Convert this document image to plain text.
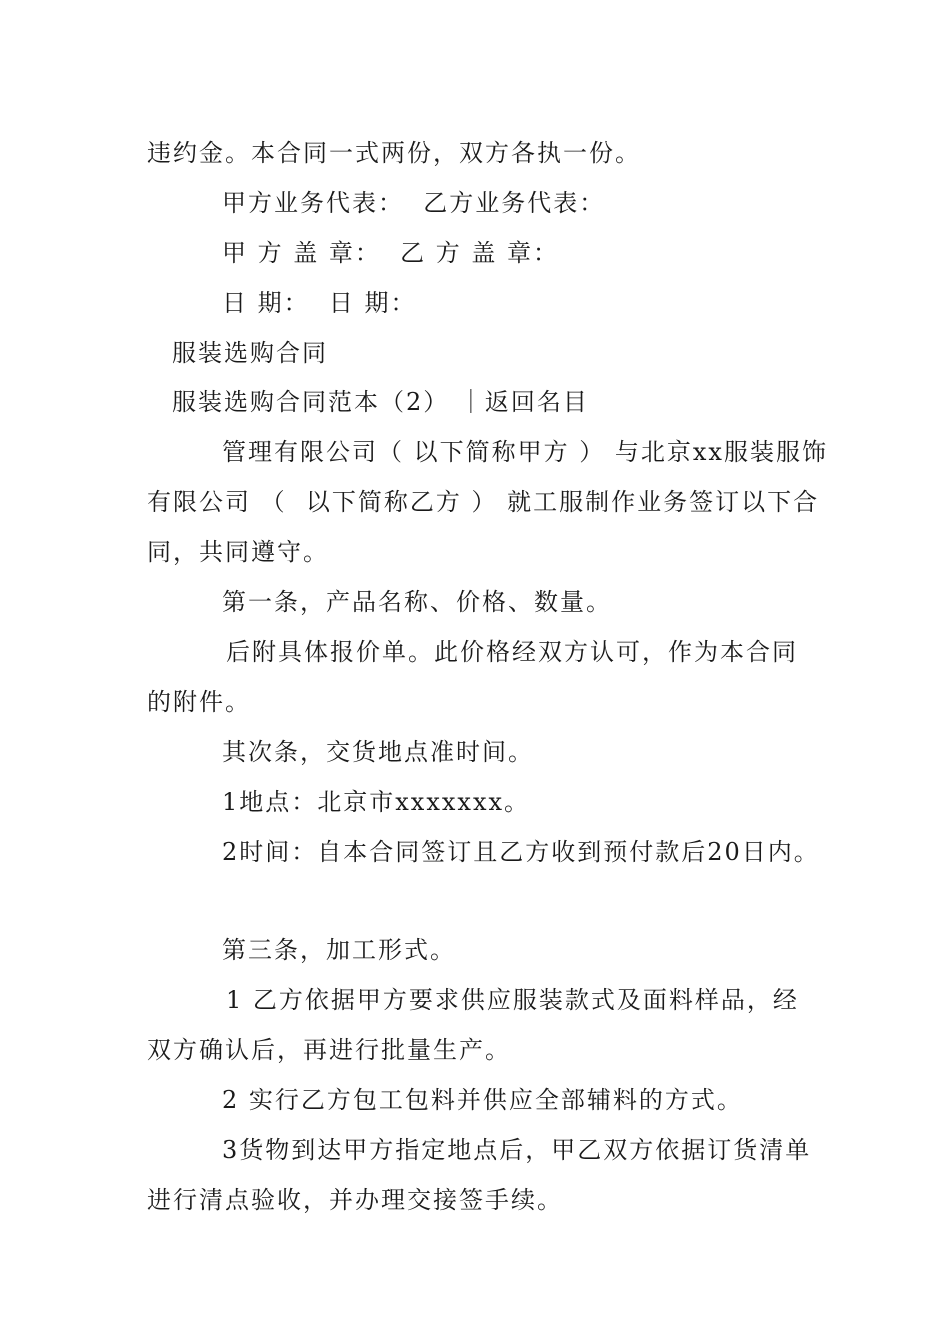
违约金。本合同一式两份，双方各执一份。
甲方业务代表：  乙方业务代表：
甲 方 盖 章：  乙 方 盖 章：
日 期：  日 期：
服装选购合同
服装选购合同范本（2） ｜返回名目
管理有限公司（ 以下简称甲方 ） 与北京xx服装服饰
有限公司 （  以下简称乙方 ） 就工服制作业务签订以下合
同，共同遵守。
第一条，产品名称、价格、数量。
后附具体报价单。此价格经双方认可，作为本合同
的附件。
其次条，交货地点准时间。
1地点：北京市xxxxxxx。
2时间：自本合同签订且乙方收到预付款后20日内。
第三条，加工形式。
1 乙方依据甲方要求供应服装款式及面料样品，经
双方确认后，再进行批量生产。
2 实行乙方包工包料并供应全部辅料的方式。
3货物到达甲方指定地点后，甲乙双方依据订货清单
进行清点验收，并办理交接签手续。
